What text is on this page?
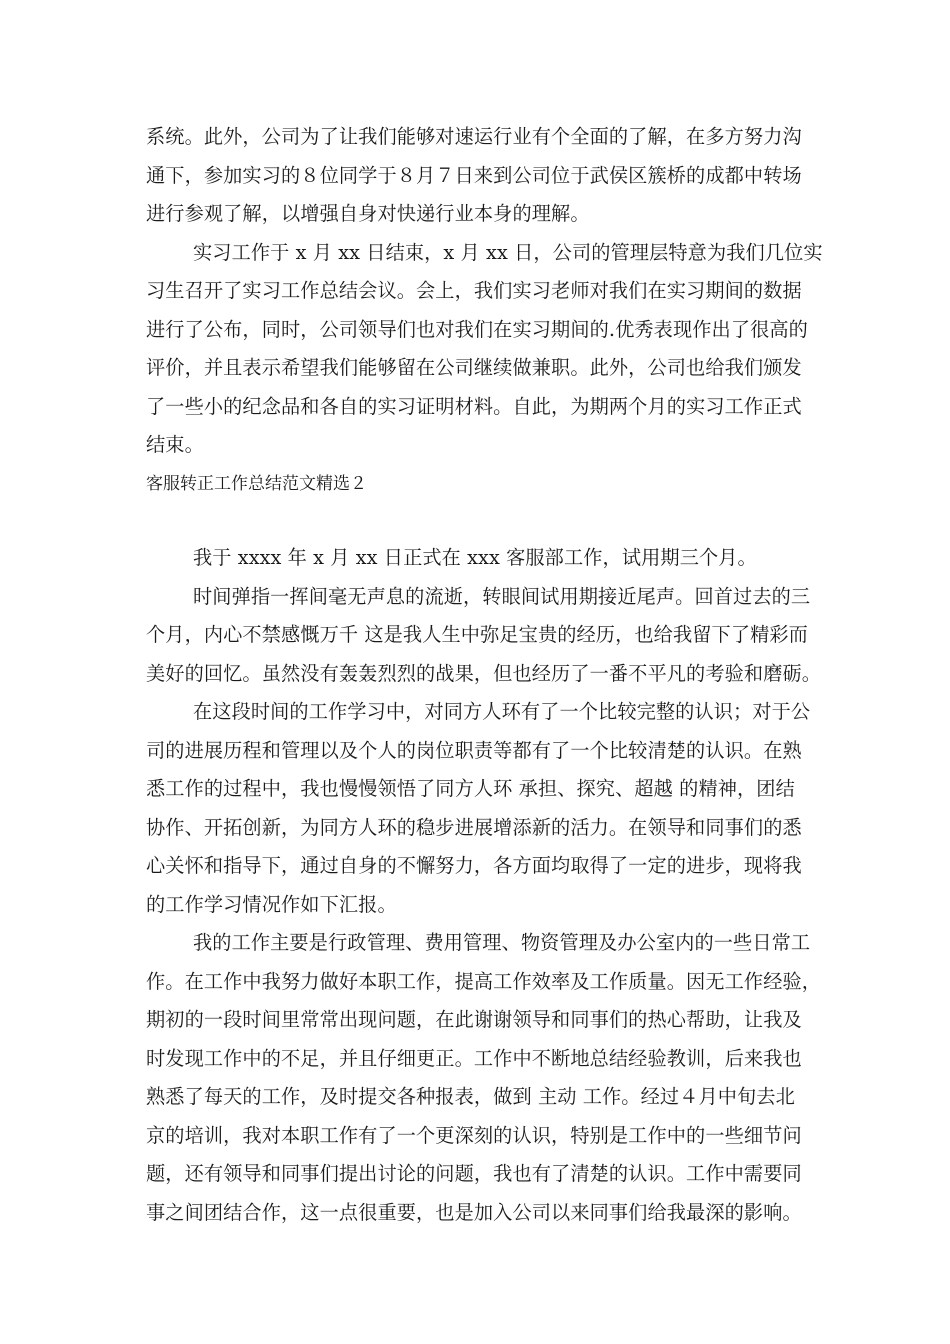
系统。此外，公司为了让我们能够对速运行业有个全面的了解，在多方努力沟
通下，参加实习的８位同学于８月７日来到公司位于武侯区簇桥的成都中转场
进行参观了解，以增强自身对快递行业本身的理解。
实习工作于 x 月 xx 日结束，x 月 xx 日，公司的管理层特意为我们几位实
习生召开了实习工作总结会议。会上，我们实习老师对我们在实习期间的数据
进行了公布，同时，公司领导们也对我们在实习期间的.优秀表现作出了很高的
评价，并且表示希望我们能够留在公司继续做兼职。此外，公司也给我们颁发
了一些小的纪念品和各自的实习证明材料。自此，为期两个月的实习工作正式
结束。
客服转正工作总结范文精选２
我于 xxxx 年 x 月 xx 日正式在 xxx 客服部工作，试用期三个月。
时间弹指一挥间毫无声息的流逝，转眼间试用期接近尾声。回首过去的三
个月，内心不禁感慨万千 这是我人生中弥足宝贵的经历，也给我留下了精彩而
美好的回忆。虽然没有轰轰烈烈的战果，但也经历了一番不平凡的考验和磨砺。
在这段时间的工作学习中，对同方人环有了一个比较完整的认识；对于公
司的进展历程和管理以及个人的岗位职责等都有了一个比较清楚的认识。在熟
悉工作的过程中，我也慢慢领悟了同方人环 承担、探究、超越 的精神，团结
协作、开拓创新，为同方人环的稳步进展增添新的活力。在领导和同事们的悉
心关怀和指导下，通过自身的不懈努力，各方面均取得了一定的进步，现将我
的工作学习情况作如下汇报。
我的工作主要是行政管理、费用管理、物资管理及办公室内的一些日常工
作。在工作中我努力做好本职工作，提高工作效率及工作质量。因无工作经验，
期初的一段时间里常常出现问题，在此谢谢领导和同事们的热心帮助，让我及
时发现工作中的不足，并且仔细更正。工作中不断地总结经验教训，后来我也
熟悉了每天的工作，及时提交各种报表，做到 主动 工作。经过４月中旬去北
京的培训，我对本职工作有了一个更深刻的认识，特别是工作中的一些细节问
题，还有领导和同事们提出讨论的问题，我也有了清楚的认识。工作中需要同
事之间团结合作，这一点很重要，也是加入公司以来同事们给我最深的影响。
